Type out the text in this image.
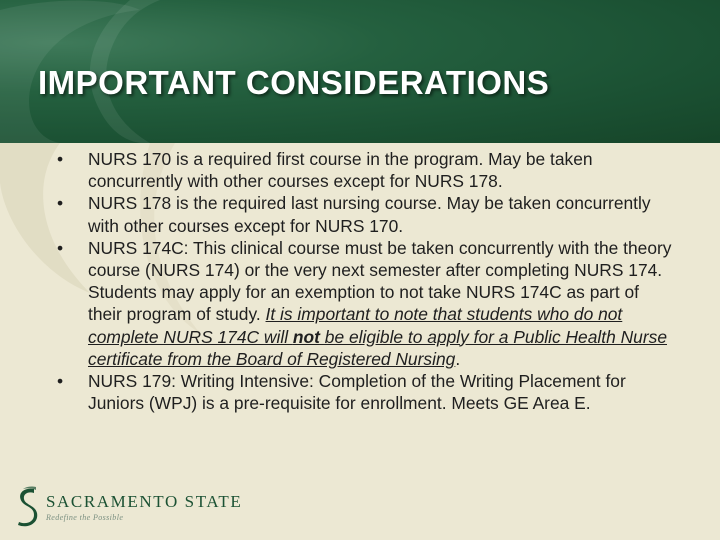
IMPORTANT CONSIDERATIONS
• NURS 170 is a required first course in the program. May be taken concurrently with other courses except for NURS 178.
• NURS 178 is the required last nursing course. May be taken concurrently with other courses except for NURS 170.
• NURS 174C: This clinical course must be taken concurrently with the theory course (NURS 174) or the very next semester after completing NURS 174. Students may apply for an exemption to not take NURS 174C as part of their program of study. It is important to note that students who do not complete NURS 174C will not be eligible to apply for a Public Health Nurse certificate from the Board of Registered Nursing.
• NURS 179: Writing Intensive: Completion of the Writing Placement for Juniors (WPJ) is a pre-requisite for enrollment. Meets GE Area E.
SACRAMENTO STATE
Redefine the Possible
